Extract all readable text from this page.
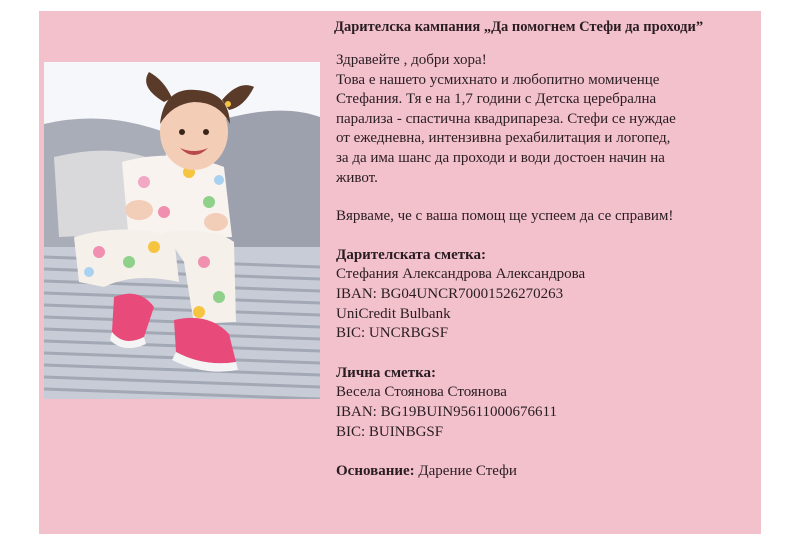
Дарителска кампания „Да помогнем Стефи да проходи”

Здравейте , добри хора!

Това е нашето усмихнато и любопитно момиченце
Стефания. Тя е на 1,7 години с Детска церебрална
парализа - спастична квадрипареза. Стефи се нуждае
от ежедневна, интензивна рехабилитация и логопед,
за да има шанс да проходи и води достоен начин на
живот.

Вярваме, че с ваша помощ ще успеем да се справим!

Дарителската сметка:

Стефания Александрова Александрова

IBAN: BG04UNCR70001526270263

UniCredit Bulbank

BIC: UNCRBGSF

Лична сметка:

Весела Стоянова Стоянова

IBAN: BG19BUIN95611000676611

BIC: BUINBGSF

Основание: Дарение Стефи
